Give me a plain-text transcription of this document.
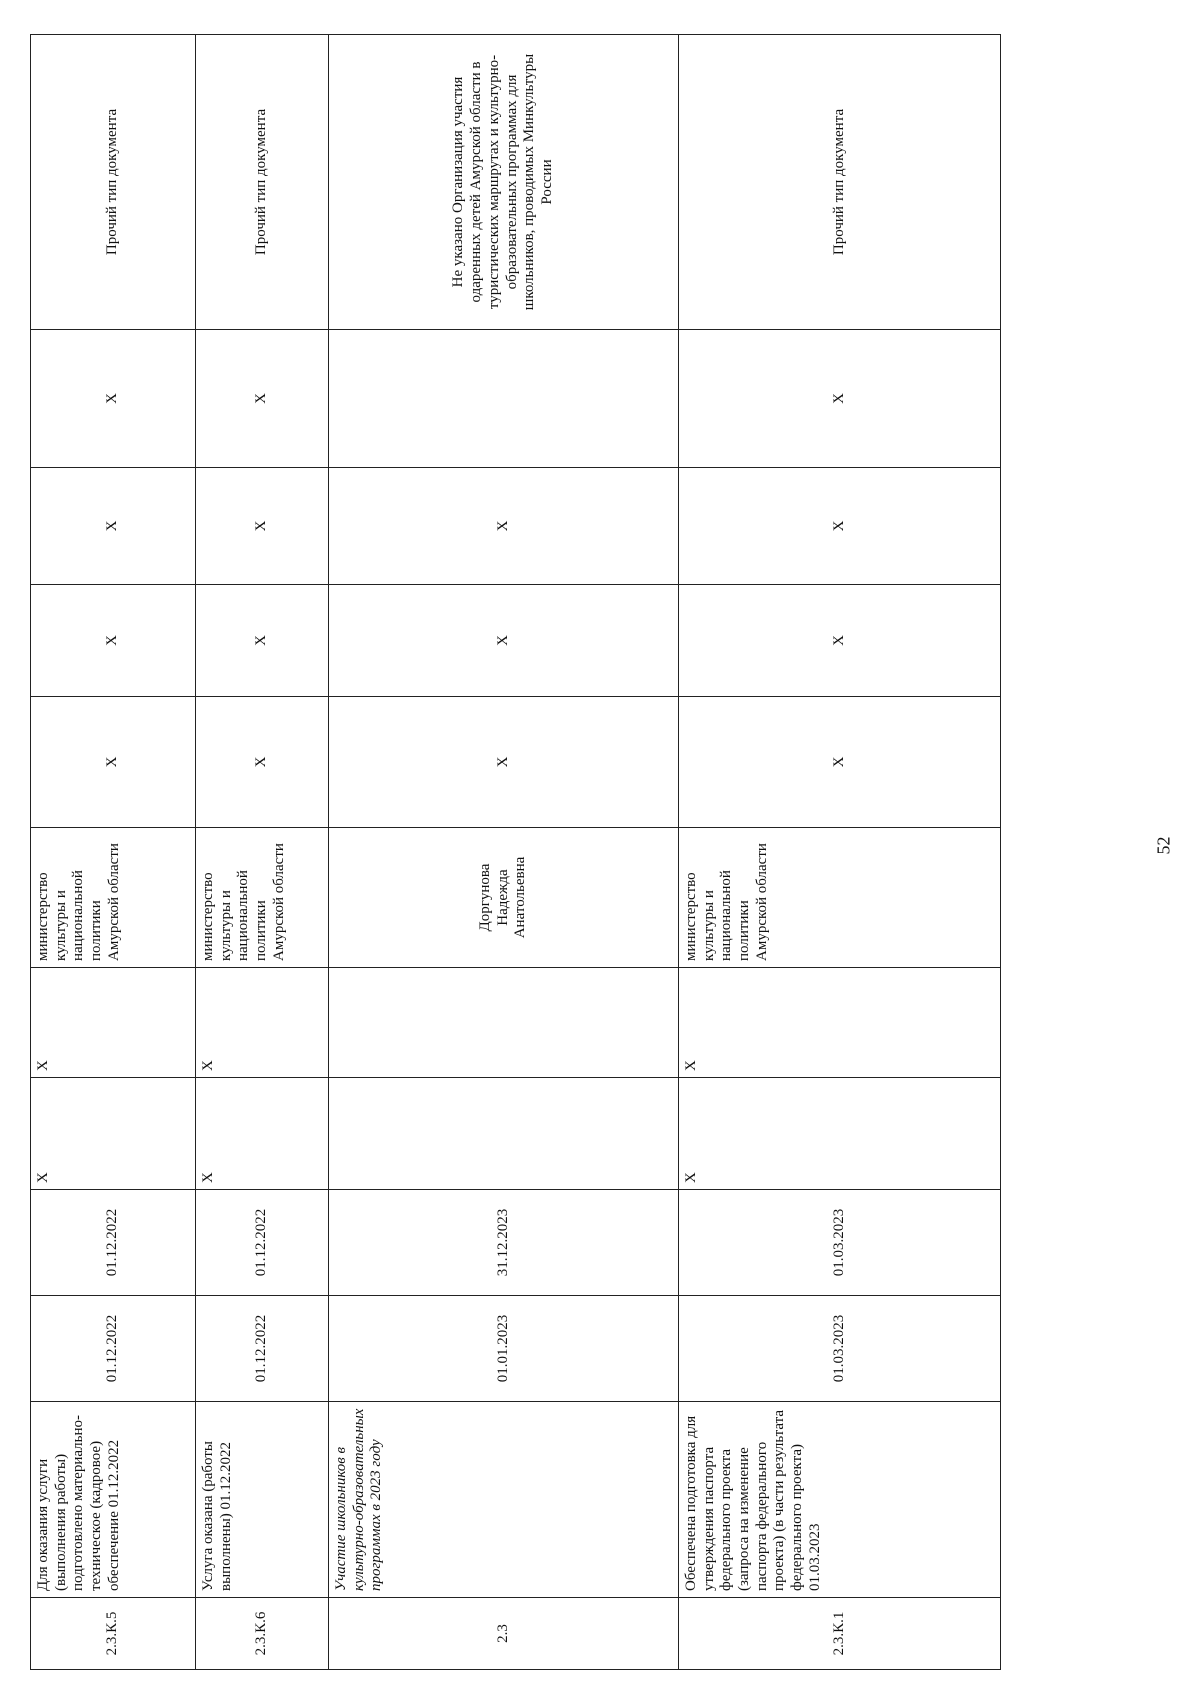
2.3.К.5	Для оказания услуги (выполнения работы) подготовлено материально-техническое (кадровое) обеспечение 01.12.2022	01.12.2022	01.12.2022	X	X	министерство культуры и национальной политики Амурской области	X	X	X	X	Прочий тип документа
2.3.К.6	Услуга оказана (работы выполнены) 01.12.2022	01.12.2022	01.12.2022	X	X	министерство культуры и национальной политики Амурской области	X	X	X	X	Прочий тип документа
2.3	Участие школьников в культурно-образовательных программах в 2023 году	01.01.2023	31.12.2023			Доргунова Надежда Анатольевна	X	X	X		Не указано Организация участия одаренных детей Амурской области в туристических маршрутах и культурно-образовательных программах для школьников, проводимых Минкультуры России
2.3.К.1	Обеспечена подготовка для утверждения паспорта федерального проекта (запроса на изменение паспорта федерального проекта) (в части результата федерального проекта) 01.03.2023	01.03.2023	01.03.2023	X	X	министерство культуры и национальной политики Амурской области	X	X	X	X	Прочий тип документа
52
